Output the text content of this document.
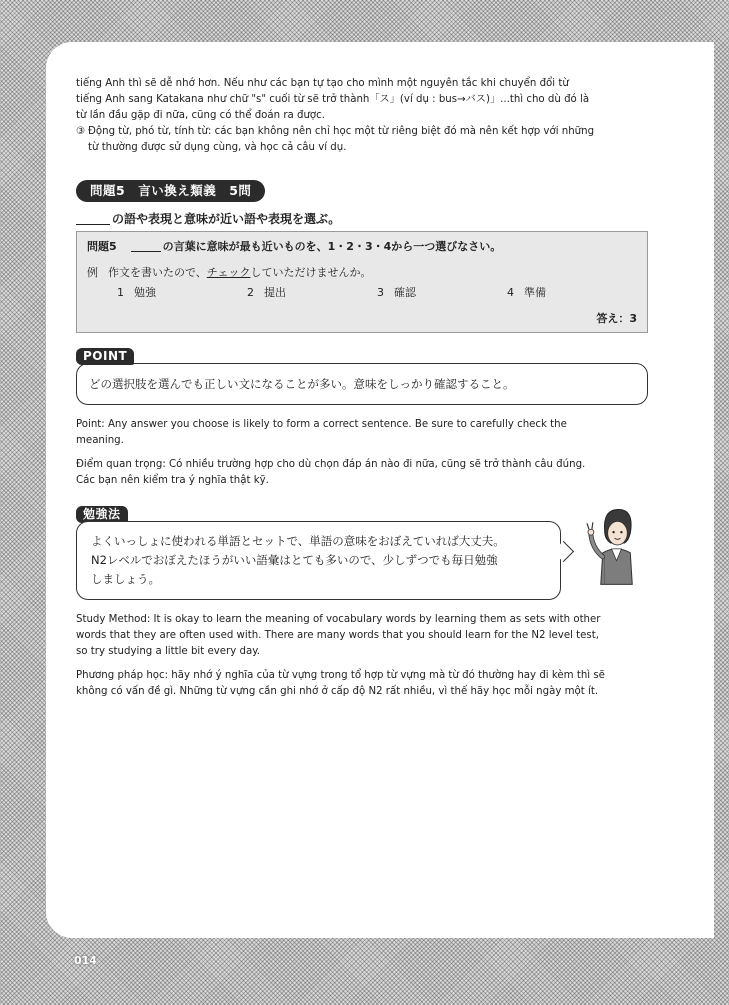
tiếng Anh thì sẽ dễ nhớ hơn. Nếu như các bạn tự tạo cho mình một nguyên tắc khi chuyển đổi từ

tiếng Anh sang Katakana như chữ "s" cuối từ sẽ trở thành「ス」(ví dụ : bus→バス)」...thì cho dù đó là

từ lần đầu gặp đi nữa, cũng có thể đoán ra được.

③ Động từ, phó từ, tính từ: các bạn không nên chỉ học một từ riêng biệt đó mà nên kết hợp với những

từ thường được sử dụng cùng, và học cả câu ví dụ.

問題5　言い換え類義　5問
の語や表現と意味が近い語や表現を選ぶ。
問題5	の言葉に意味が最も近いものを、1・2・3・4から一つ選びなさい。
例 作文を書いたので、 チェック していただけませんか。
1 勉強	2 提出	3 確認	4 準備
答え：3
POINT
どの選択肢を選んでも正しい文になることが多い。意味をしっかり確認すること。

Point: Any answer you choose is likely to form a correct sentence. Be sure to carefully check the

meaning.

Điểm quan trọng: Có nhiều trường hợp cho dù chọn đáp án nào đi nữa, cũng sẽ trở thành câu đúng.

Các bạn nên kiểm tra ý nghĩa thật kỹ.

勉強法
よくいっしょに使われる単語とセットで、単語の意味をおぼえていれば大丈夫。
N2レベルでおぼえたほうがいい語彙はとても多いので、少しずつでも毎日勉強
しましょう。

Study Method: It is okay to learn the meaning of vocabulary words by learning them as sets with other

words that they are often used with. There are many words that you should learn for the N2 level test,

so try studying a little bit every day.

Phương pháp học: hãy nhớ ý nghĩa của từ vựng trong tổ hợp từ vựng mà từ đó thường hay đi kèm thì sẽ

không có vấn đề gì. Những từ vựng cần ghi nhớ ở cấp độ N2 rất nhiều, vì thế hãy học mỗi ngày một ít.

014
